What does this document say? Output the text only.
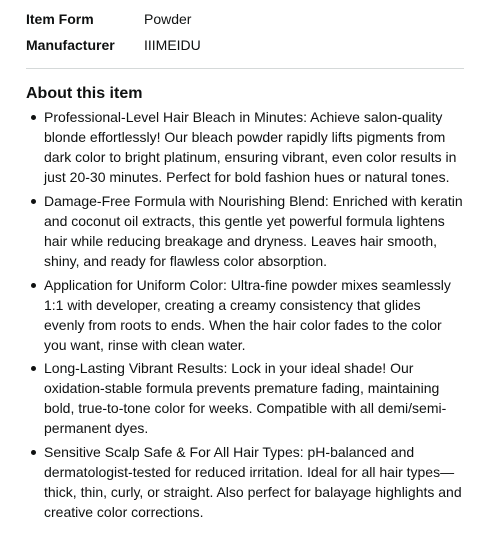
Item Form	Powder
Manufacturer	IIIMEIDU
About this item
Professional-Level Hair Bleach in Minutes: Achieve salon-quality blonde effortlessly! Our bleach powder rapidly lifts pigments from dark color to bright platinum, ensuring vibrant, even color results in just 20-30 minutes. Perfect for bold fashion hues or natural tones.
Damage-Free Formula with Nourishing Blend: Enriched with keratin and coconut oil extracts, this gentle yet powerful formula lightens hair while reducing breakage and dryness. Leaves hair smooth, shiny, and ready for flawless color absorption.
Application for Uniform Color: Ultra-fine powder mixes seamlessly 1:1 with developer, creating a creamy consistency that glides evenly from roots to ends. When the hair color fades to the color you want, rinse with clean water.
Long-Lasting Vibrant Results: Lock in your ideal shade! Our oxidation-stable formula prevents premature fading, maintaining bold, true-to-tone color for weeks. Compatible with all demi/semi-permanent dyes.
Sensitive Scalp Safe & For All Hair Types: pH-balanced and dermatologist-tested for reduced irritation. Ideal for all hair types—thick, thin, curly, or straight. Also perfect for balayage highlights and creative color corrections.
